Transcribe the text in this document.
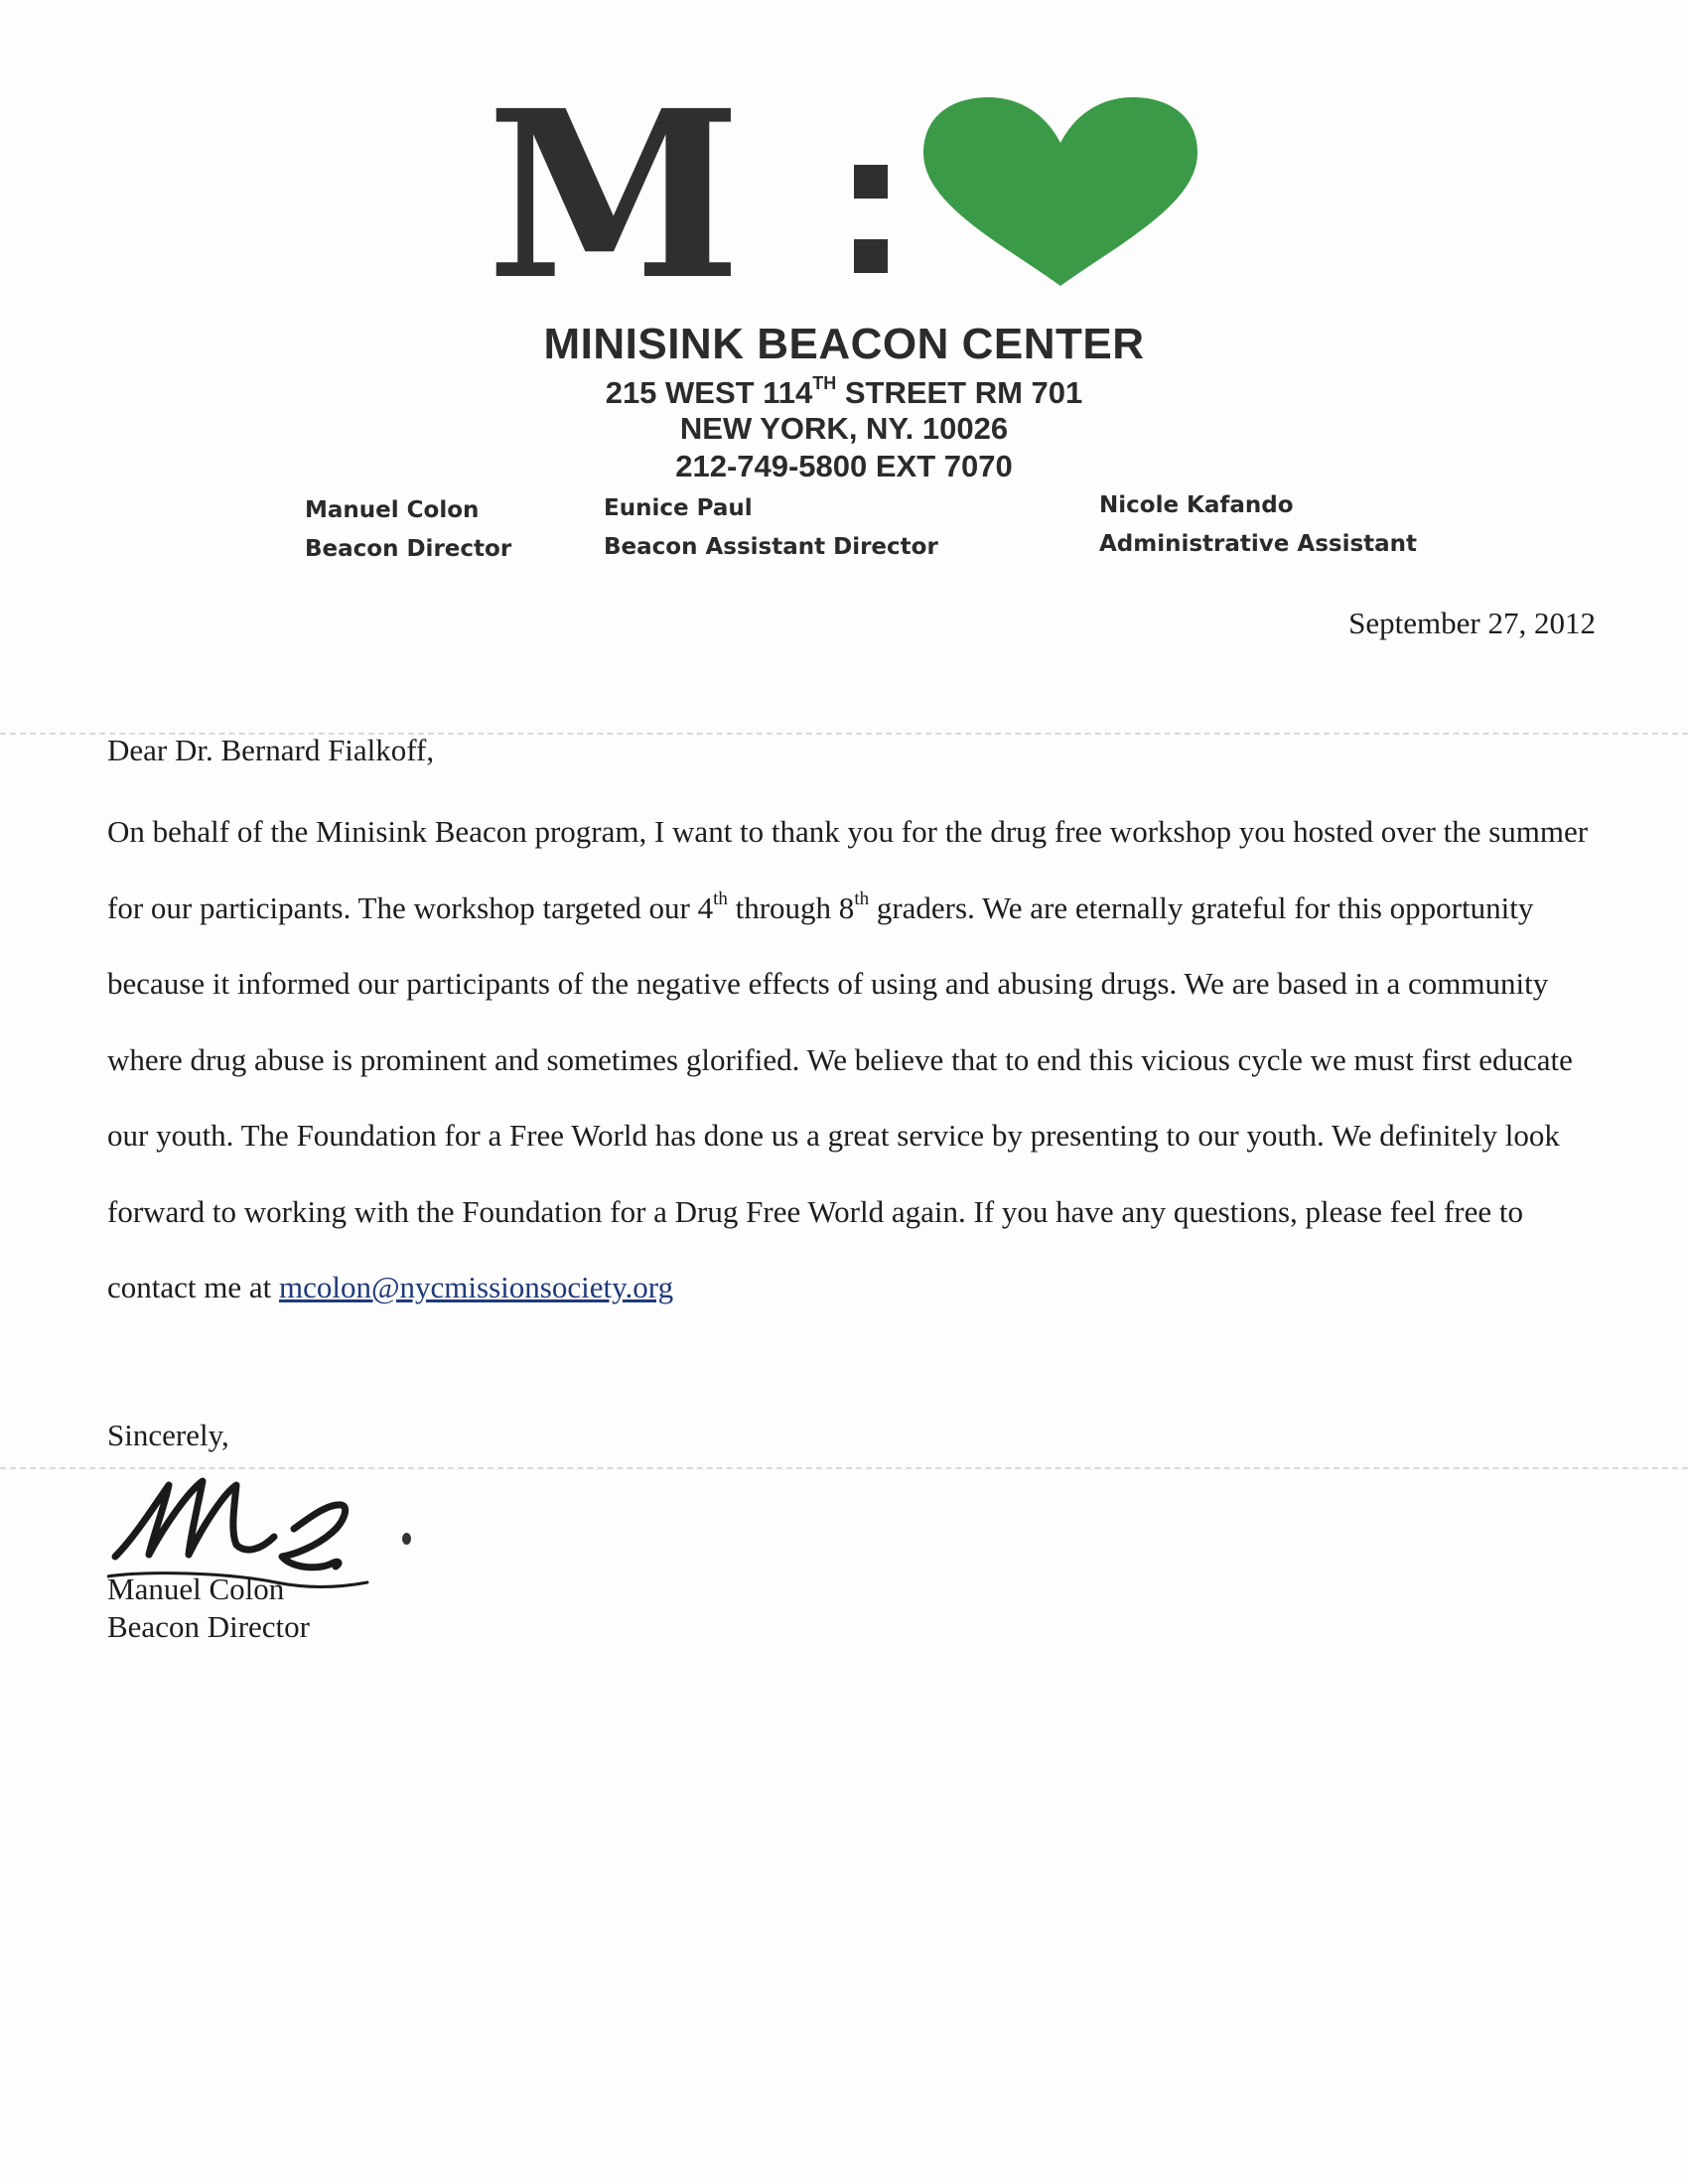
M
MINISINK BEACON CENTER
215 WEST 114TH STREET RM 701
NEW YORK, NY. 10026
212-749-5800 EXT 7070
Manuel Colon
Beacon Director
Eunice Paul
Beacon Assistant Director
Nicole Kafando
Administrative Assistant
September 27, 2012
Dear Dr. Bernard Fialkoff,
On behalf of the Minisink Beacon program, I want to thank you for the drug free workshop you hosted over the summer for our participants. The workshop targeted our 4th through 8th graders. We are eternally grateful for this opportunity because it informed our participants of the negative effects of using and abusing drugs. We are based in a community where drug abuse is prominent and sometimes glorified. We believe that to end this vicious cycle we must first educate our youth. The Foundation for a Free World has done us a great service by presenting to our youth. We definitely look forward to working with the Foundation for a Drug Free World again. If you have any questions, please feel free to contact me at mcolon@nycmissionsociety.org
Sincerely,
Manuel Colon
Beacon Director
